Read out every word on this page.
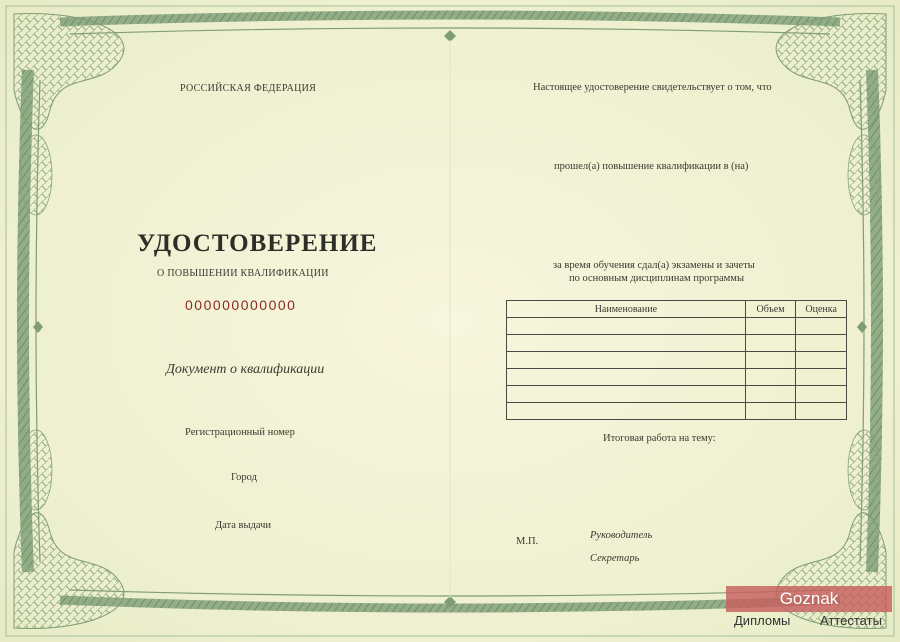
РОССИЙСКАЯ ФЕДЕРАЦИЯ
УДОСТОВЕРЕНИЕ
О ПОВЫШЕНИИ КВАЛИФИКАЦИИ
000000000000
Документ о квалификации
Регистрационный номер
Город
Дата выдачи
Настоящее удостоверение свидетельствует о том, что
прошел(а) повышение квалификации в (на)
за время обучения сдал(а) экзамены и зачеты
по основным дисциплинам программы
Наименование	Объем	Оценка

Итоговая работа на тему:
М.П.
Руководитель
Секретарь
Goznak
Дипломы Аттестаты
